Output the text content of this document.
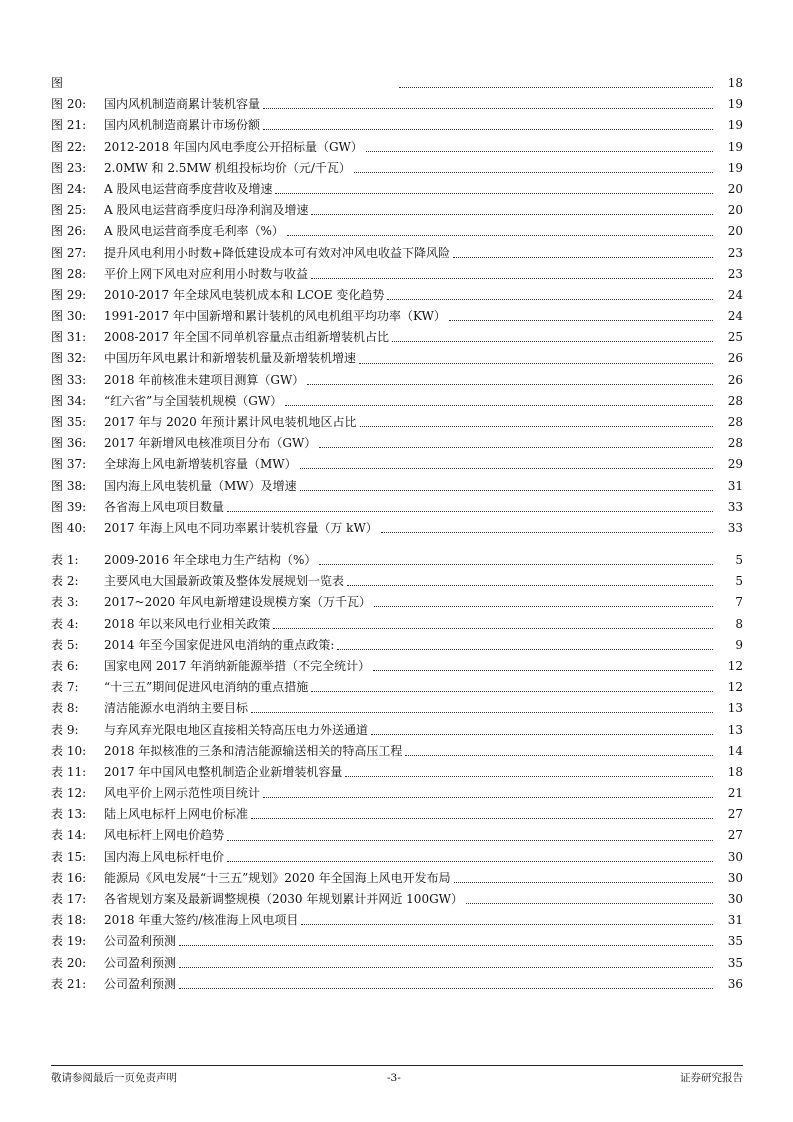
图	18
图 20: 国内风机制造商累计装机容量	19
图 21: 国内风机制造商累计市场份额	19
图 22: 2012-2018 年国内风电季度公开招标量（GW）	19
图 23: 2.0MW 和 2.5MW 机组投标均价（元/千瓦）	19
图 24: A 股风电运营商季度营收及增速	20
图 25: A 股风电运营商季度归母净利润及增速	20
图 26: A 股风电运营商季度毛利率（%）	20
图 27: 提升风电利用小时数+降低建设成本可有效对冲风电收益下降风险	23
图 28: 平价上网下风电对应利用小时数与收益	23
图 29: 2010-2017 年全球风电装机成本和 LCOE 变化趋势	24
图 30: 1991-2017 年中国新增和累计装机的风电机组平均功率（KW）	24
图 31: 2008-2017 年全国不同单机容量点击组新增装机占比	25
图 32: 中国历年风电累计和新增装机量及新增装机增速	26
图 33: 2018 年前核准未建项目测算（GW）	26
图 34: “红六省”与全国装机规模（GW）	28
图 35: 2017 年与 2020 年预计累计风电装机地区占比	28
图 36: 2017 年新增风电核准项目分布（GW）	28
图 37: 全球海上风电新增装机容量（MW）	29
图 38: 国内海上风电装机量（MW）及增速	31
图 39: 各省海上风电项目数量	33
图 40: 2017 年海上风电不同功率累计装机容量（万 kW）	33
表 1: 2009-2016 年全球电力生产结构（%）	5
表 2: 主要风电大国最新政策及整体发展规划一览表	5
表 3: 2017~2020 年风电新增建设规模方案（万千瓦）	7
表 4: 2018 年以来风电行业相关政策	8
表 5: 2014 年至今国家促进风电消纳的重点政策:	9
表 6: 国家电网 2017 年消纳新能源举措（不完全统计）	12
表 7: “十三五”期间促进风电消纳的重点措施	12
表 8: 清洁能源水电消纳主要目标	13
表 9: 与弃风弃光限电地区直接相关特高压电力外送通道	13
表 10: 2018 年拟核准的三条和清洁能源输送相关的特高压工程	14
表 11: 2017 年中国风电整机制造企业新增装机容量	18
表 12: 风电平价上网示范性项目统计	21
表 13: 陆上风电标杆上网电价标准	27
表 14: 风电标杆上网电价趋势	27
表 15: 国内海上风电标杆电价	30
表 16: 能源局《风电发展“十三五”规划》2020 年全国海上风电开发布局	30
表 17: 各省规划方案及最新调整规模（2030 年规划累计并网近 100GW）	30
表 18: 2018 年重大签约/核准海上风电项目	31
表 19: 公司盈利预测	35
表 20: 公司盈利预测	35
表 21: 公司盈利预测	36
敬请参阅最后一页免责声明	-3-	证券研究报告
